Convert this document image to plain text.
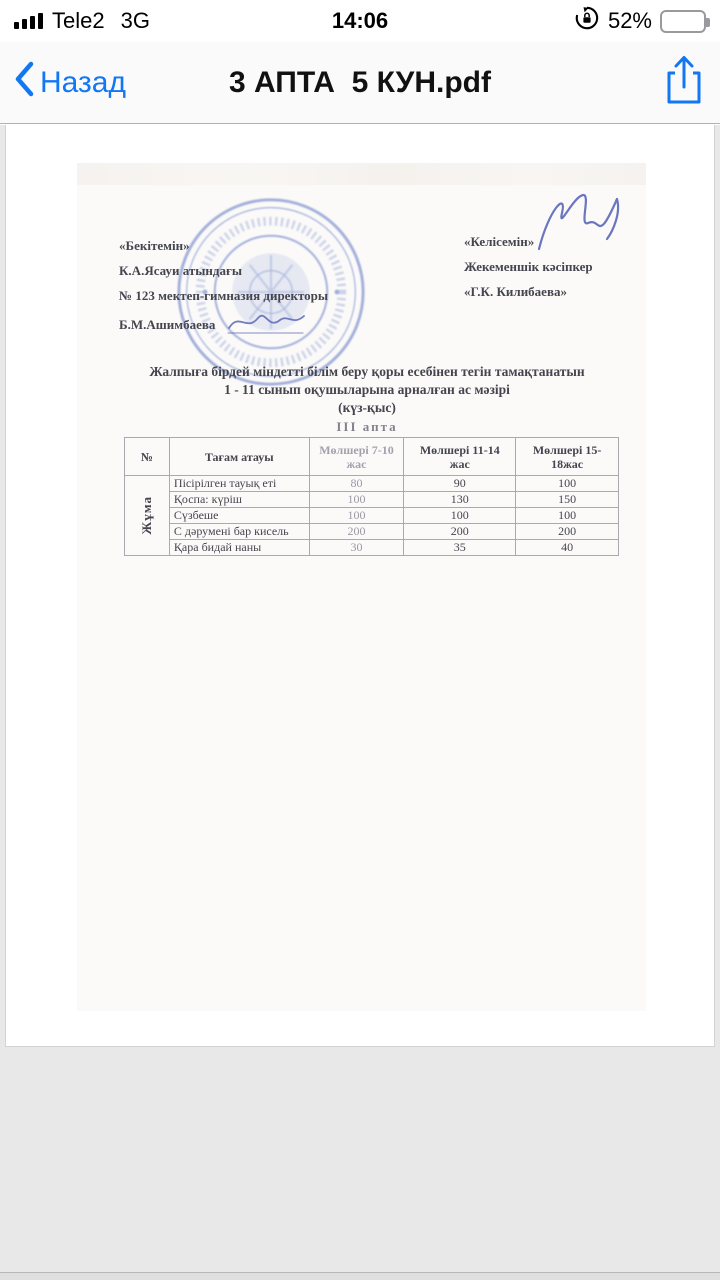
Tele2 3G	14:06	52%
Назад	3 АПТА  5 КУН.pdf
«Бекітемін»
К.А.Ясауи атындағы
№ 123 мектеп-гимназия директоры
Б.М.Ашимбаева
«Келісемін»
Жекеменшік кәсіпкер
«Г.К. Килибаева»
Жалпыға бірдей міндетті білім беру қоры есебінен тегін тамақтанатын
1 - 11 сынып оқушыларына арналған ас мәзірі
(күз-қыс)
ІІІ апта
№	Тағам атауы	Мөлшері 7-10 жас	Мөлшері 11-14 жас	Мөлшері 15-18жас

Жұма	Пісірілген тауық еті	80	90	100
	Қоспа: күріш	100	130	150
	Сүзбеше	100	100	100
	С дәрумені бар кисель	200	200	200
	Қара бидай наны	30	35	40
